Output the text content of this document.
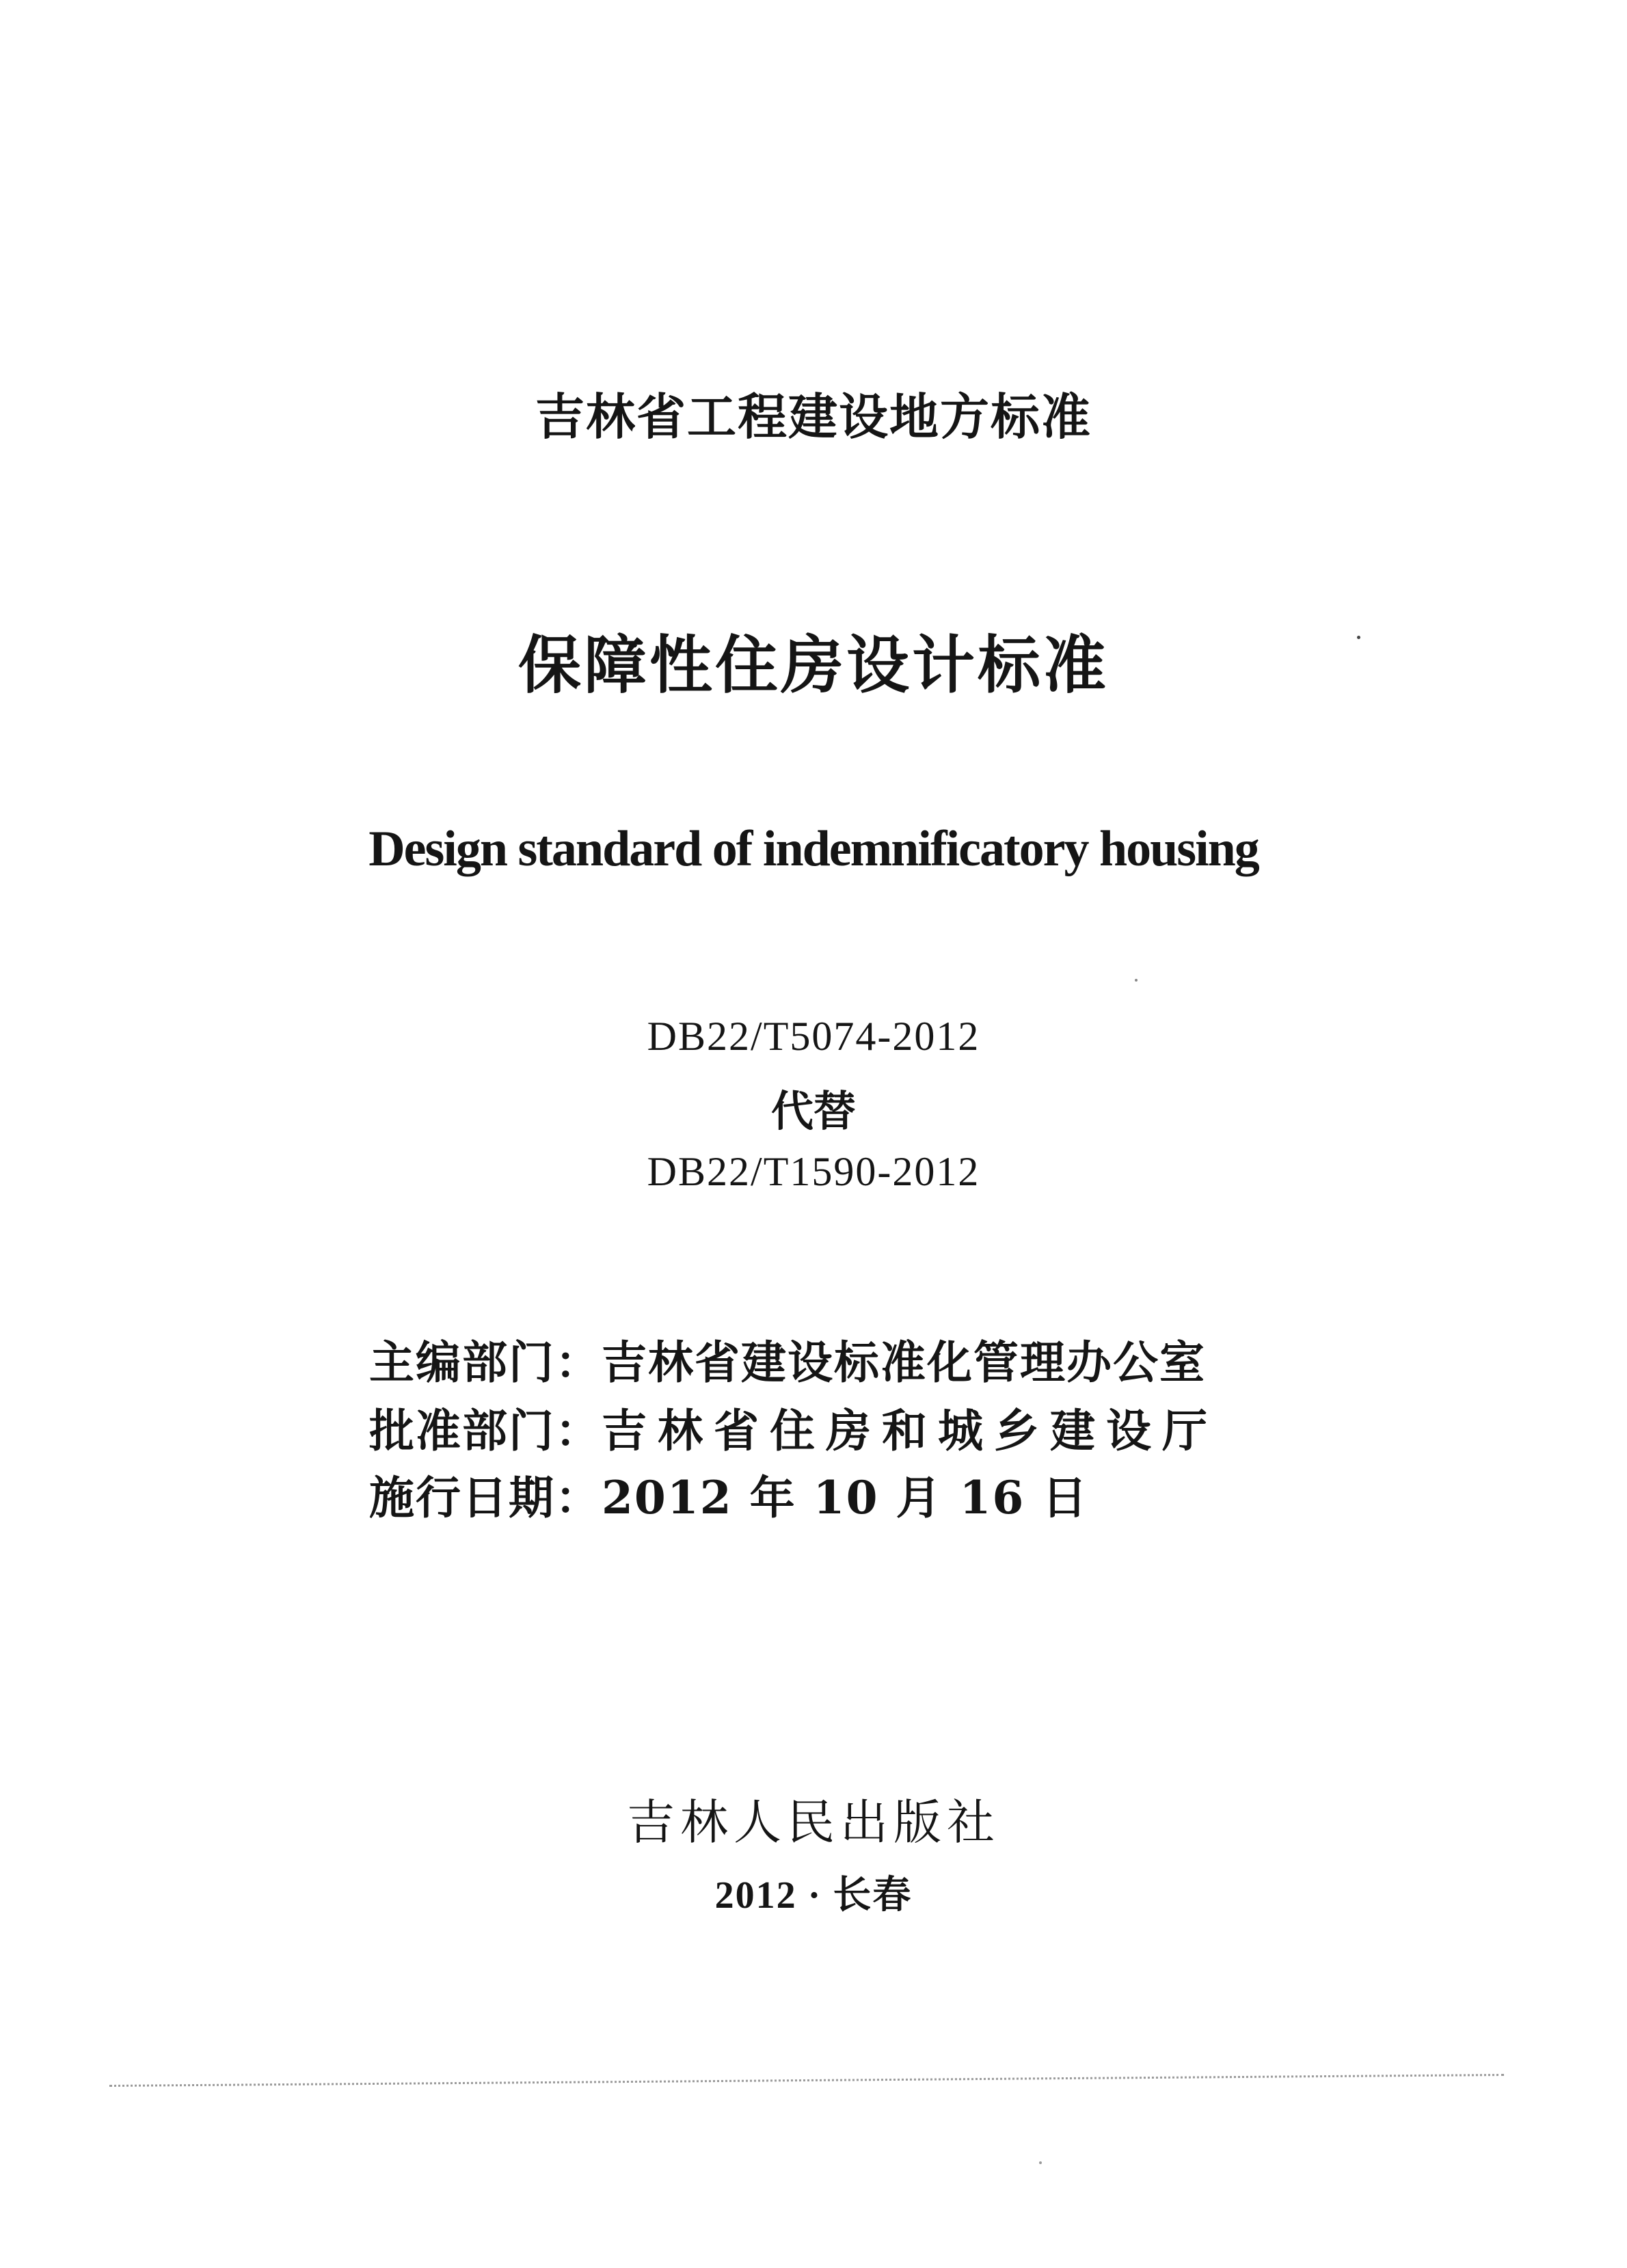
吉林省工程建设地方标准
保障性住房设计标准
Design standard of indemnificatory housing
DB22/T5074-2012
代替
DB22/T1590-2012
主编部门：吉林省建设标准化管理办公室
批准部门：吉林省住房和城乡建设厅
施行日期：2012 年 10 月 16 日
吉林人民出版社
2012 · 长春
